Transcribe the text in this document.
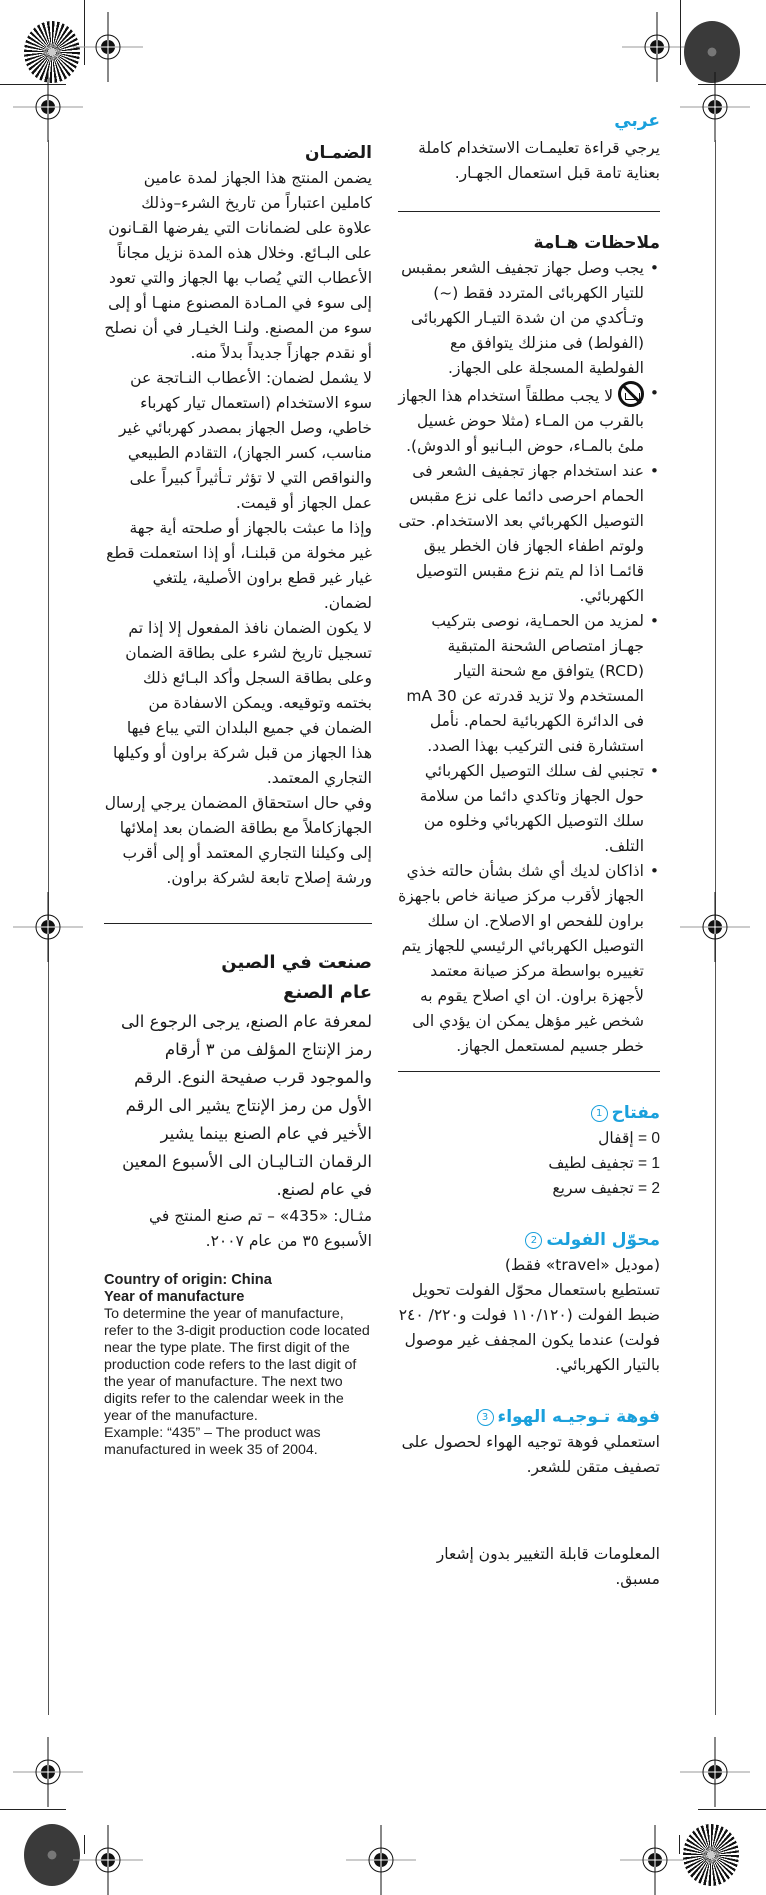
عربي

يرجي قراءة تعليمـات الاستخدام كاملة بعناية تامة قبل استعمال الجهـار.

ملاحظات هـامة

• يجب وصل جهاز تجفيف الشعر بمقبس للتيار الكهربائى المتردد فقط (~) وتـأكدي من ان شدة التيـار الكهربائى (الفولط) فى منزلك يتوافق مع الفولطية المسجلة على الجهاز.
• لا يجب مطلقاً استخدام هذا الجهاز بالقرب من المـاء (مثلا حوض غسيل ملئ بالمـاء، حوض البـانيو أو الدوش).
• عند استخدام جهاز تجفيف الشعر فى الحمام احرصى دائما على نزع مقبس التوصيل الكهربائي بعد الاستخدام. حتى ولوتم اطفاء الجهاز فان الخطر يبق قائمـا اذا لم يتم نزع مقبس التوصيل الكهربائي.
• لمزيد من الحمـاية، نوصى بتركيب جهـاز امتصاص الشحنة المتبقية (RCD) يتوافق مع شحنة التيار المستخدم ولا تزيد قدرته عن 30 mA فى الدائرة الكهربائية لحمام. نأمل استشارة فنى التركيب بهذا الصدد.
• تجنبي لف سلك التوصيل الكهربائي حول الجهاز وتاكدي دائما من سلامة سلك التوصيل الكهربائي وخلوه من التلف.
• اذاكان لديك أي شك بشأن حالته خذي الجهاز لأقرب مركز صيانة خاص باجهزة براون للفحص او الاصلاح. ان سلك التوصيل الكهربائي الرئيسي للجهاز يتم تغييره بواسطة مركز صيانة معتمد لأجهزة براون. ان اي اصلاح يقوم به شخص غير مؤهل يمكن ان يؤدي الى خطر جسيم لمستعمل الجهاز.

مفتاح1

0 = إقفال

1 = تجفيف لطيف

2 = تجفيف سريع

محوّل الفولت2

(موديل «travel» فقط)

تستطيع باستعمال محوّل الفولت تحويل ضبط الفولت (١١٠/١٢٠ فولت و٢٢٠/ ٢٤٠ فولت) عندما يكون المجفف غير موصول بالتيار الكهربائي.

فوهة تـوجيـه الهواء3

استعملي فوهة توجيه الهواء لحصول على تصفيف متقن للشعر.

المعلومات قابلة التغيير بدون إشعار مسبق.

الضمـان

يضمن المنتج هذا الجهاز لمدة عامين كاملين اعتباراً من تاريخ الشرء–وذلك علاوة على لضمانات التي يفرضها القـانون على البـائع. وخلال هذه المدة نزيل مجاناً الأعطاب التي يُصاب بها الجهاز والتي تعود إلى سوء في المـادة المصنوع منهـا أو إلى سوء من المصنع. ولنـا الخيـار في أن نصلح أو نقدم جهازاً جديداً بدلاً منه.

لا يشمل لضمان: الأعطاب النـاتجة عن سوء الاستخدام (استعمال تيار كهرباء خاطي، وصل الجهاز بمصدر كهربائي غير مناسب، كسر الجهاز)، التقادم الطبيعي والنواقص التي لا تؤثر تـأثيراً كبيراً على عمل الجهاز أو قيمت.

وإذا ما عبثت بالجهاز أو صلحته أية جهة غير مخولة من قبلنـا، أو إذا استعملت قطع غيار غير قطع براون الأصلية، يلتغي لضمان.

لا يكون الضمان نافذ المفعول إلا إذا تم تسجيل تاريخ لشرء على بطاقة الضمان وعلى بطاقة السجل وأكد البـائع ذلك بختمه وتوقيعه. ويمكن الاسفادة من الضمان في جميع البلدان التي يباع فيها هذا الجهاز من قبل شركة براون أو وكيلها التجاري المعتمد.

وفي حال استحقاق المضمان يرجي إرسال الجهازكاملاً مع بطاقة الضمان بعد إملائها إلى وكيلنا التجاري المعتمد أو إلى أقرب ورشة إصلاح تابعة لشركة براون.

صنعت في الصين

عام الصنع

لمعرفة عام الصنع، يرجى الرجوع الى رمز الإنتاج المؤلف من ٣ أرقام والموجود قرب صفيحة النوع. الرقم الأول من رمز الإنتاج يشير الى الرقم الأخير في عام الصنع بينما يشير الرقمان التـاليـان الى الأسبوع المعين في عام لصنع.

مثـال: «435» – تم صنع المنتج في الأسبوع ٣٥ من عام ٢٠٠٧.

Country of origin: China

Year of manufacture

To determine the year of manufacture, refer to the 3-digit production code located near the type plate. The first digit of the production code refers to the last digit of the year of manufacture. The next two digits refer to the calendar week in the year of the manufacture.

Example: “435” – The product was manufactured in week 35 of 2004.
